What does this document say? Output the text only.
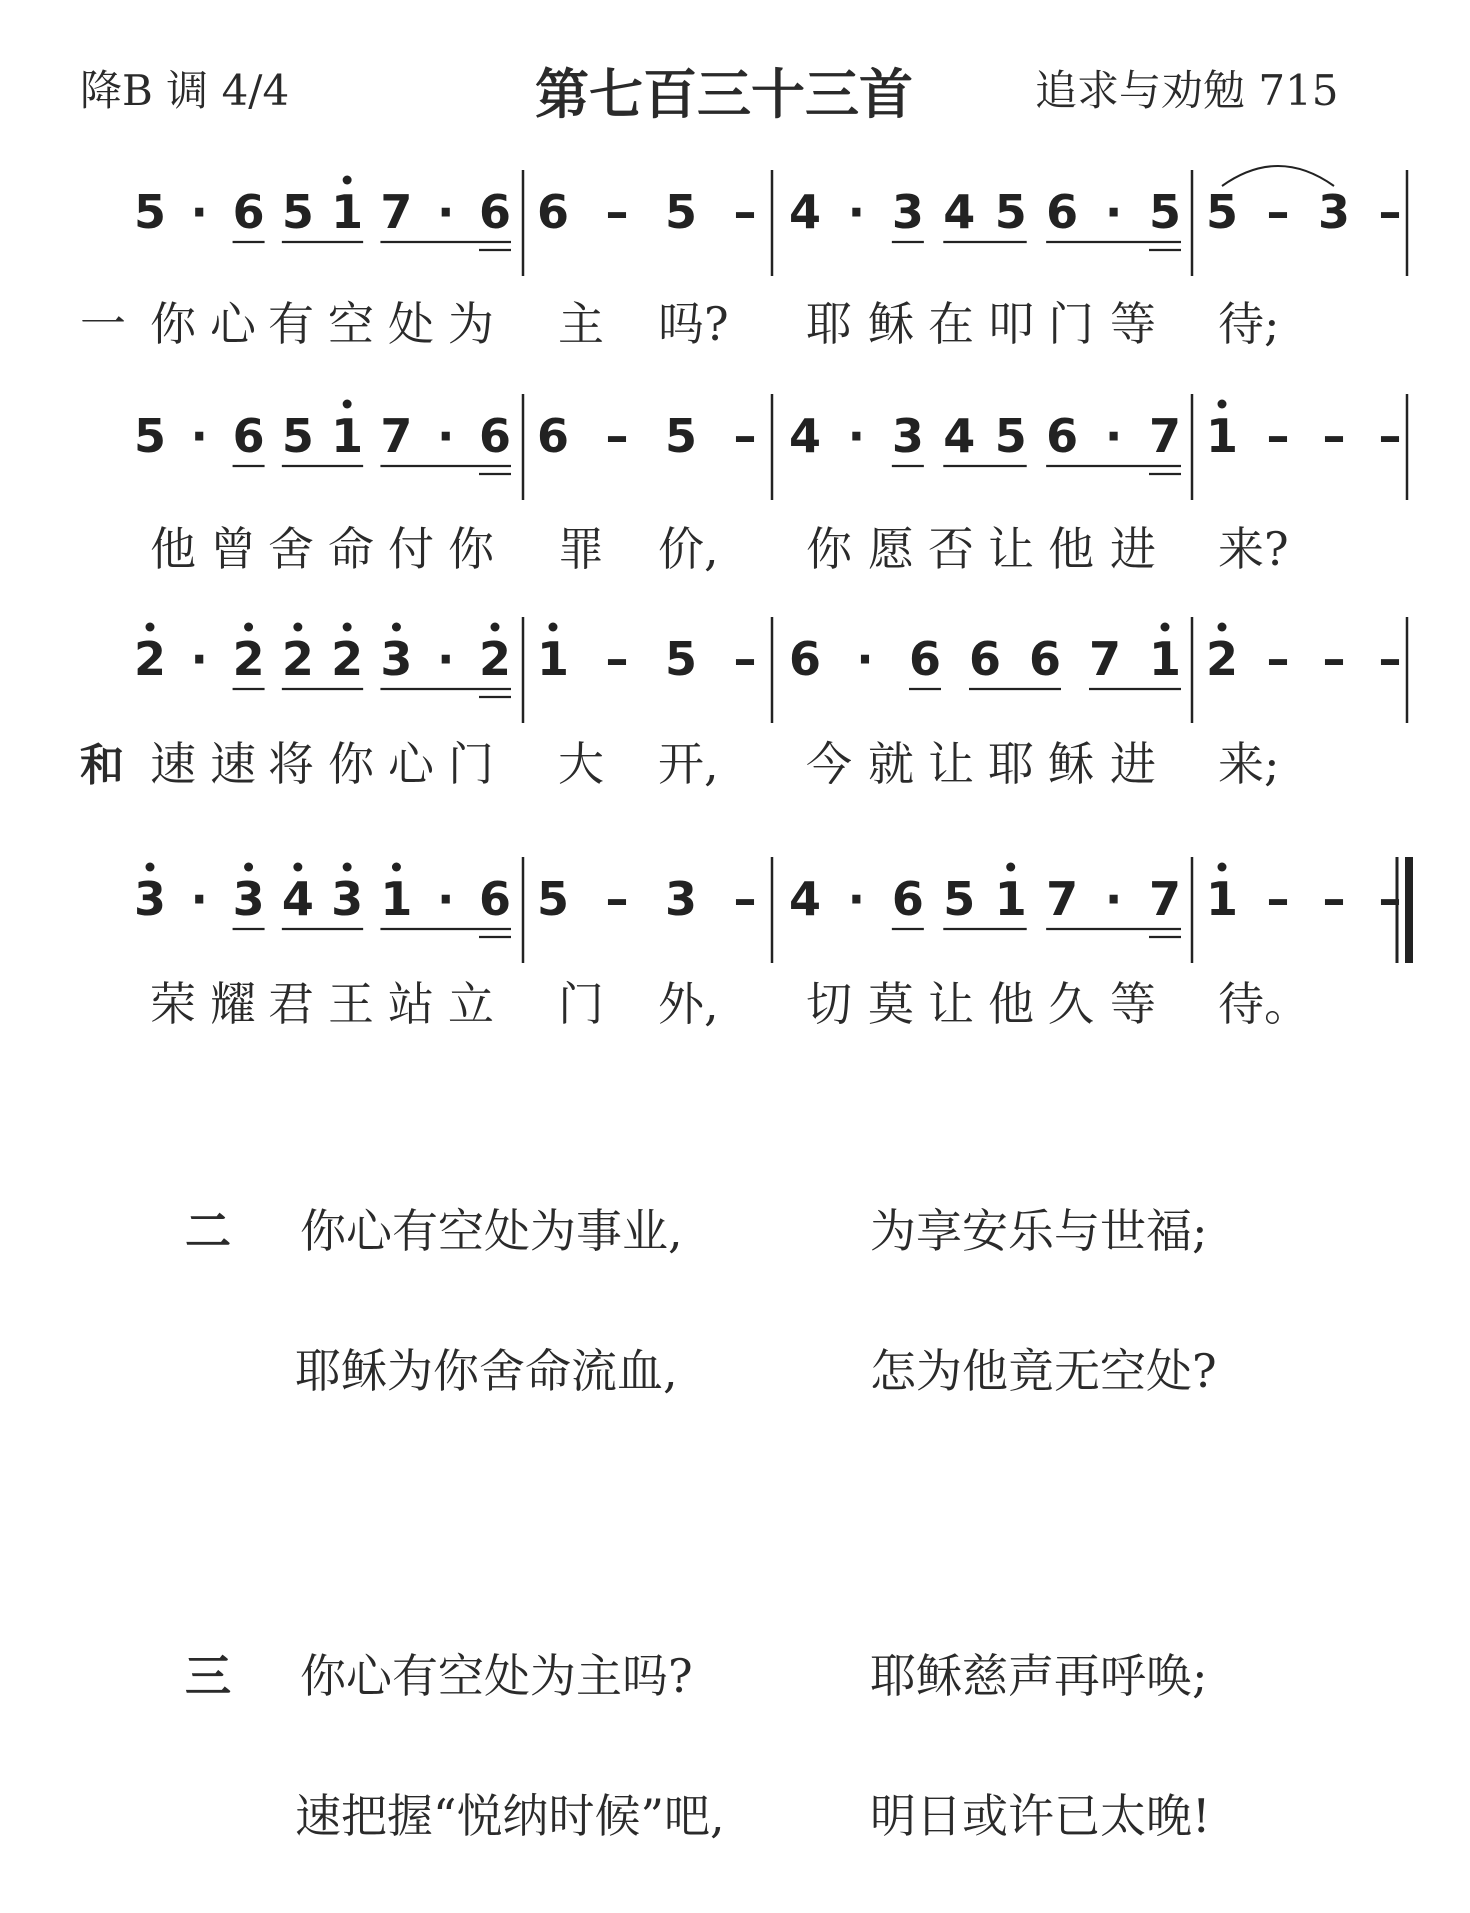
降B 调 4/4	第七百三十三首	追求与劝勉 715
5 · 6 5 1 7 · 6 6 – 5 – 4 · 3 4 5 6 · 5 5 – 3 –
一 你 心 有 空 处 为 主 吗? 耶 稣 在 叩 门 等 待;
5 · 6 5 1 7 · 6 6 – 5 – 4 · 3 4 5 6 · 7 1 – – –
他 曾 舍 命 付 你 罪 价, 你 愿 否 让 他 进 来?
2 · 2 2 2 3 · 2 1 – 5 – 6 · 6 6 6 7 1 2 – – –
和 速 速 将 你 心 门 大 开, 今 就 让 耶 稣 进 来;
3 · 3 4 3 1 · 6 5 – 3 – 4 · 6 5 1 7 · 7 1 – – –
荣 耀 君 王 站 立 门 外, 切 莫 让 他 久 等 待。
二 你心有空处为事业,	为享安乐与世福;
耶稣为你舍命流血,	怎为他竟无空处?
三 你心有空处为主吗?	耶稣慈声再呼唤;
速把握“悦纳时候”吧,	明日或许已太晚!
